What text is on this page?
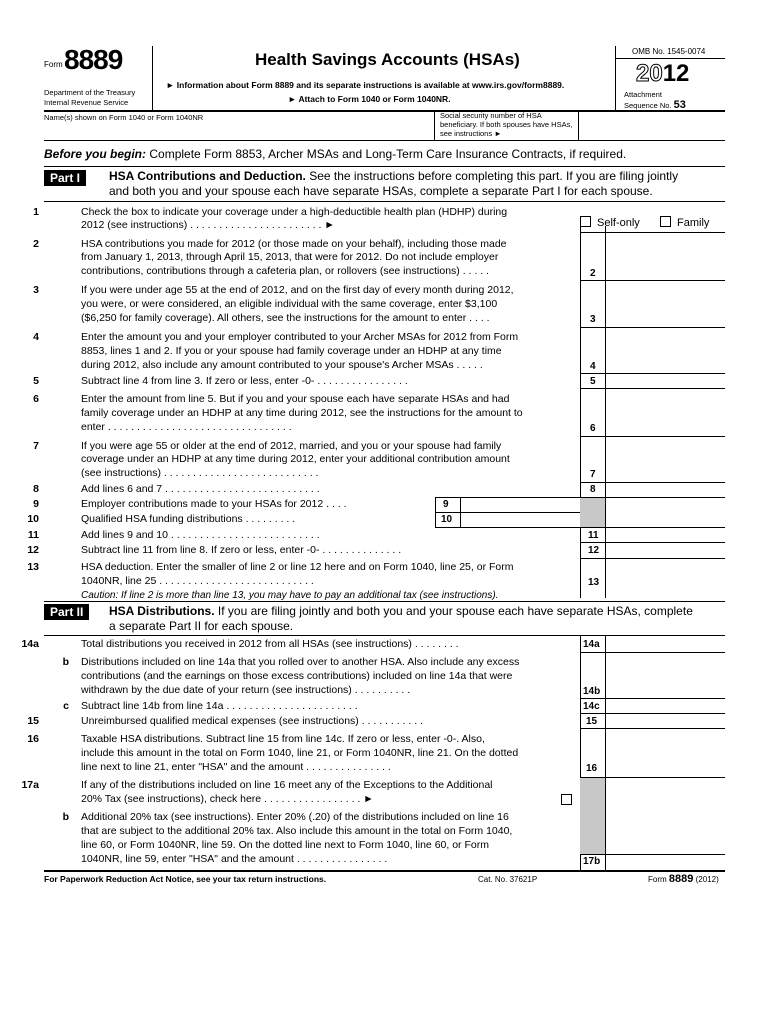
Form 8889
Department of the Treasury
Internal Revenue Service
Health Savings Accounts (HSAs)
► Information about Form 8889 and its separate instructions is available at www.irs.gov/form8889.
► Attach to Form 1040 or Form 1040NR.
OMB No. 1545-0074
2012
Attachment
Sequence No. 53
Name(s) shown on Form 1040 or Form 1040NR	Social security number of HSA beneficiary. If both spouses have HSAs, see instructions ►
Before you begin: Complete Form 8853, Archer MSAs and Long-Term Care Insurance Contracts, if required.
Part I	HSA Contributions and Deduction. See the instructions before completing this part. If you are filing jointly
and both you and your spouse each have separate HSAs, complete a separate Part I for each spouse.
1	Check the box to indicate your coverage under a high-deductible health plan (HDHP) during
2012 (see instructions) . . . . . . . . . . . . . . . . . . . . . . . ►	Self-only	Family
2	HSA contributions you made for 2012 (or those made on your behalf), including those made
from January 1, 2013, through April 15, 2013, that were for 2012. Do not include employer
contributions, contributions through a cafeteria plan, or rollovers (see instructions) . . . . .	2
3	If you were under age 55 at the end of 2012, and on the first day of every month during 2012,
you were, or were considered, an eligible individual with the same coverage, enter $3,100
($6,250 for family coverage). All others, see the instructions for the amount to enter . . . .	3
4	Enter the amount you and your employer contributed to your Archer MSAs for 2012 from Form
8853, lines 1 and 2. If you or your spouse had family coverage under an HDHP at any time
during 2012, also include any amount contributed to your spouse's Archer MSAs . . . . .	4
5	Subtract line 4 from line 3. If zero or less, enter -0- . . . . . . . . . . . . . . . .	5
6	Enter the amount from line 5. But if you and your spouse each have separate HSAs and had
family coverage under an HDHP at any time during 2012, see the instructions for the amount to
enter . . . . . . . . . . . . . . . . . . . . . . . . . . . . . . . .	6
7	If you were age 55 or older at the end of 2012, married, and you or your spouse had family
coverage under an HDHP at any time during 2012, enter your additional contribution amount
(see instructions) . . . . . . . . . . . . . . . . . . . . . . . . . . .	7
8	Add lines 6 and 7 . . . . . . . . . . . . . . . . . . . . . . . . . . .	8
9	Employer contributions made to your HSAs for 2012 . . . .	9
10	Qualified HSA funding distributions . . . . . . . . .	10
11	Add lines 9 and 10 . . . . . . . . . . . . . . . . . . . . . . . . . .	11
12	Subtract line 11 from line 8. If zero or less, enter -0- . . . . . . . . . . . . . .	12
13	HSA deduction. Enter the smaller of line 2 or line 12 here and on Form 1040, line 25, or Form
1040NR, line 25 . . . . . . . . . . . . . . . . . . . . . . . . . . .	13
Caution: If line 2 is more than line 13, you may have to pay an additional tax (see instructions).
Part II	HSA Distributions. If you are filing jointly and both you and your spouse each have separate HSAs, complete
a separate Part II for each spouse.
14a	Total distributions you received in 2012 from all HSAs (see instructions) . . . . . . . .	14a
b Distributions included on line 14a that you rolled over to another HSA. Also include any excess
contributions (and the earnings on those excess contributions) included on line 14a that were
withdrawn by the due date of your return (see instructions) . . . . . . . . . .	14b
c Subtract line 14b from line 14a . . . . . . . . . . . . . . . . . . . . . . .	14c
15	Unreimbursed qualified medical expenses (see instructions) . . . . . . . . . . .	15
16	Taxable HSA distributions. Subtract line 15 from line 14c. If zero or less, enter -0-. Also,
include this amount in the total on Form 1040, line 21, or Form 1040NR, line 21. On the dotted
line next to line 21, enter "HSA" and the amount . . . . . . . . . . . . . . .	16
17a	If any of the distributions included on line 16 meet any of the Exceptions to the Additional
20% Tax (see instructions), check here . . . . . . . . . . . . . . . . . ►
b Additional 20% tax (see instructions). Enter 20% (.20) of the distributions included on line 16
that are subject to the additional 20% tax. Also include this amount in the total on Form 1040,
line 60, or Form 1040NR, line 59. On the dotted line next to Form 1040, line 60, or Form
1040NR, line 59, enter "HSA" and the amount . . . . . . . . . . . . . . . .	17b
For Paperwork Reduction Act Notice, see your tax return instructions.	Cat. No. 37621P	Form 8889 (2012)
